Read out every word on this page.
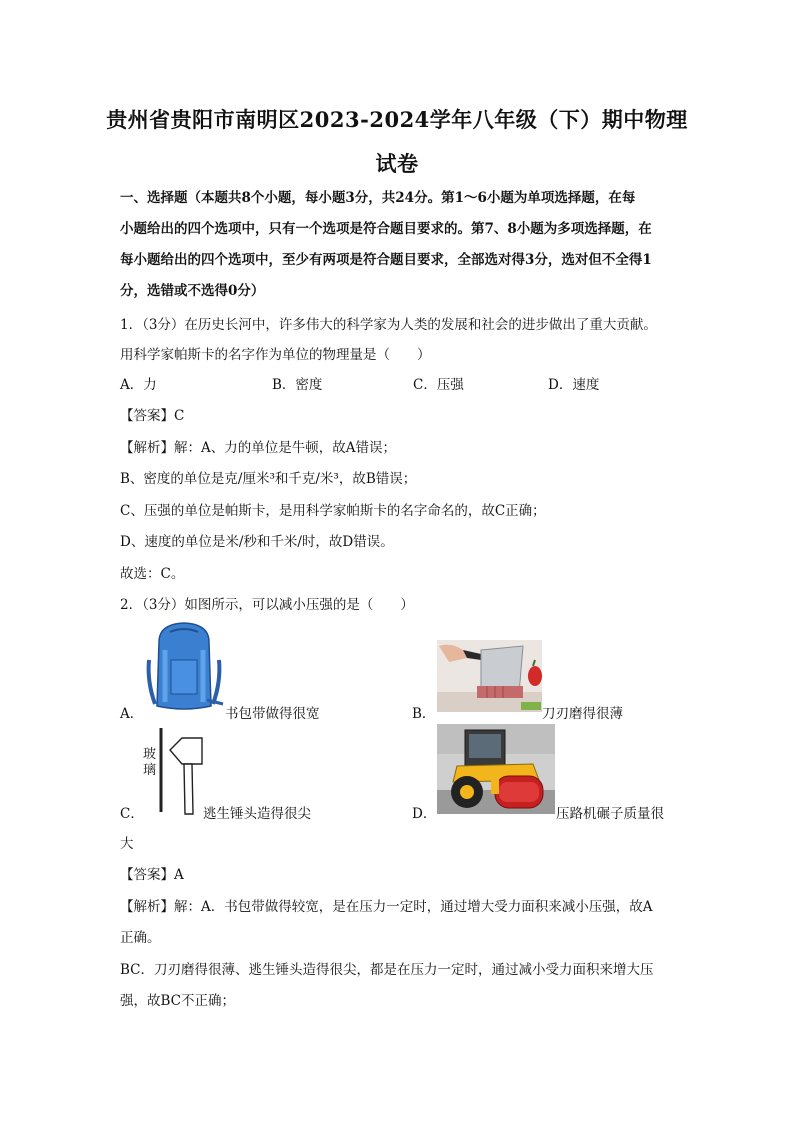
贵州省贵阳市南明区2023-2024学年八年级（下）期中物理
试卷
一、选择题（本题共8个小题，每小题3分，共24分。第1～6小题为单项选择题，在每
小题给出的四个选项中，只有一个选项是符合题目要求的。第7、8小题为多项选择题，在
每小题给出的四个选项中，至少有两项是符合题目要求，全部选对得3分，选对但不全得1
分，选错或不选得0分）
1．（3分）在历史长河中，许多伟大的科学家为人类的发展和社会的进步做出了重大贡献。
用科学家帕斯卡的名字作为单位的物理量是（　　）
A．力	B．密度	C．压强	D．速度
【答案】C
【解析】解：A、力的单位是牛顿，故A错误；
B、密度的单位是克/厘米³和千克/米³，故B错误；
C、压强的单位是帕斯卡，是用科学家帕斯卡的名字命名的，故C正确；
D、速度的单位是米/秒和千米/时，故D错误。
故选：C。
2．（3分）如图所示，可以减小压强的是（　　）
A．	书包带做得很宽	B．	刀刃磨得很薄
C．
玻璃
逃生锤头造得很尖	D．	压路机碾子质量很
大
【答案】A
【解析】解：A．书包带做得较宽，是在压力一定时，通过增大受力面积来减小压强，故A
正确。
BC．刀刃磨得很薄、逃生锤头造得很尖，都是在压力一定时，通过减小受力面积来增大压
强，故BC不正确；
